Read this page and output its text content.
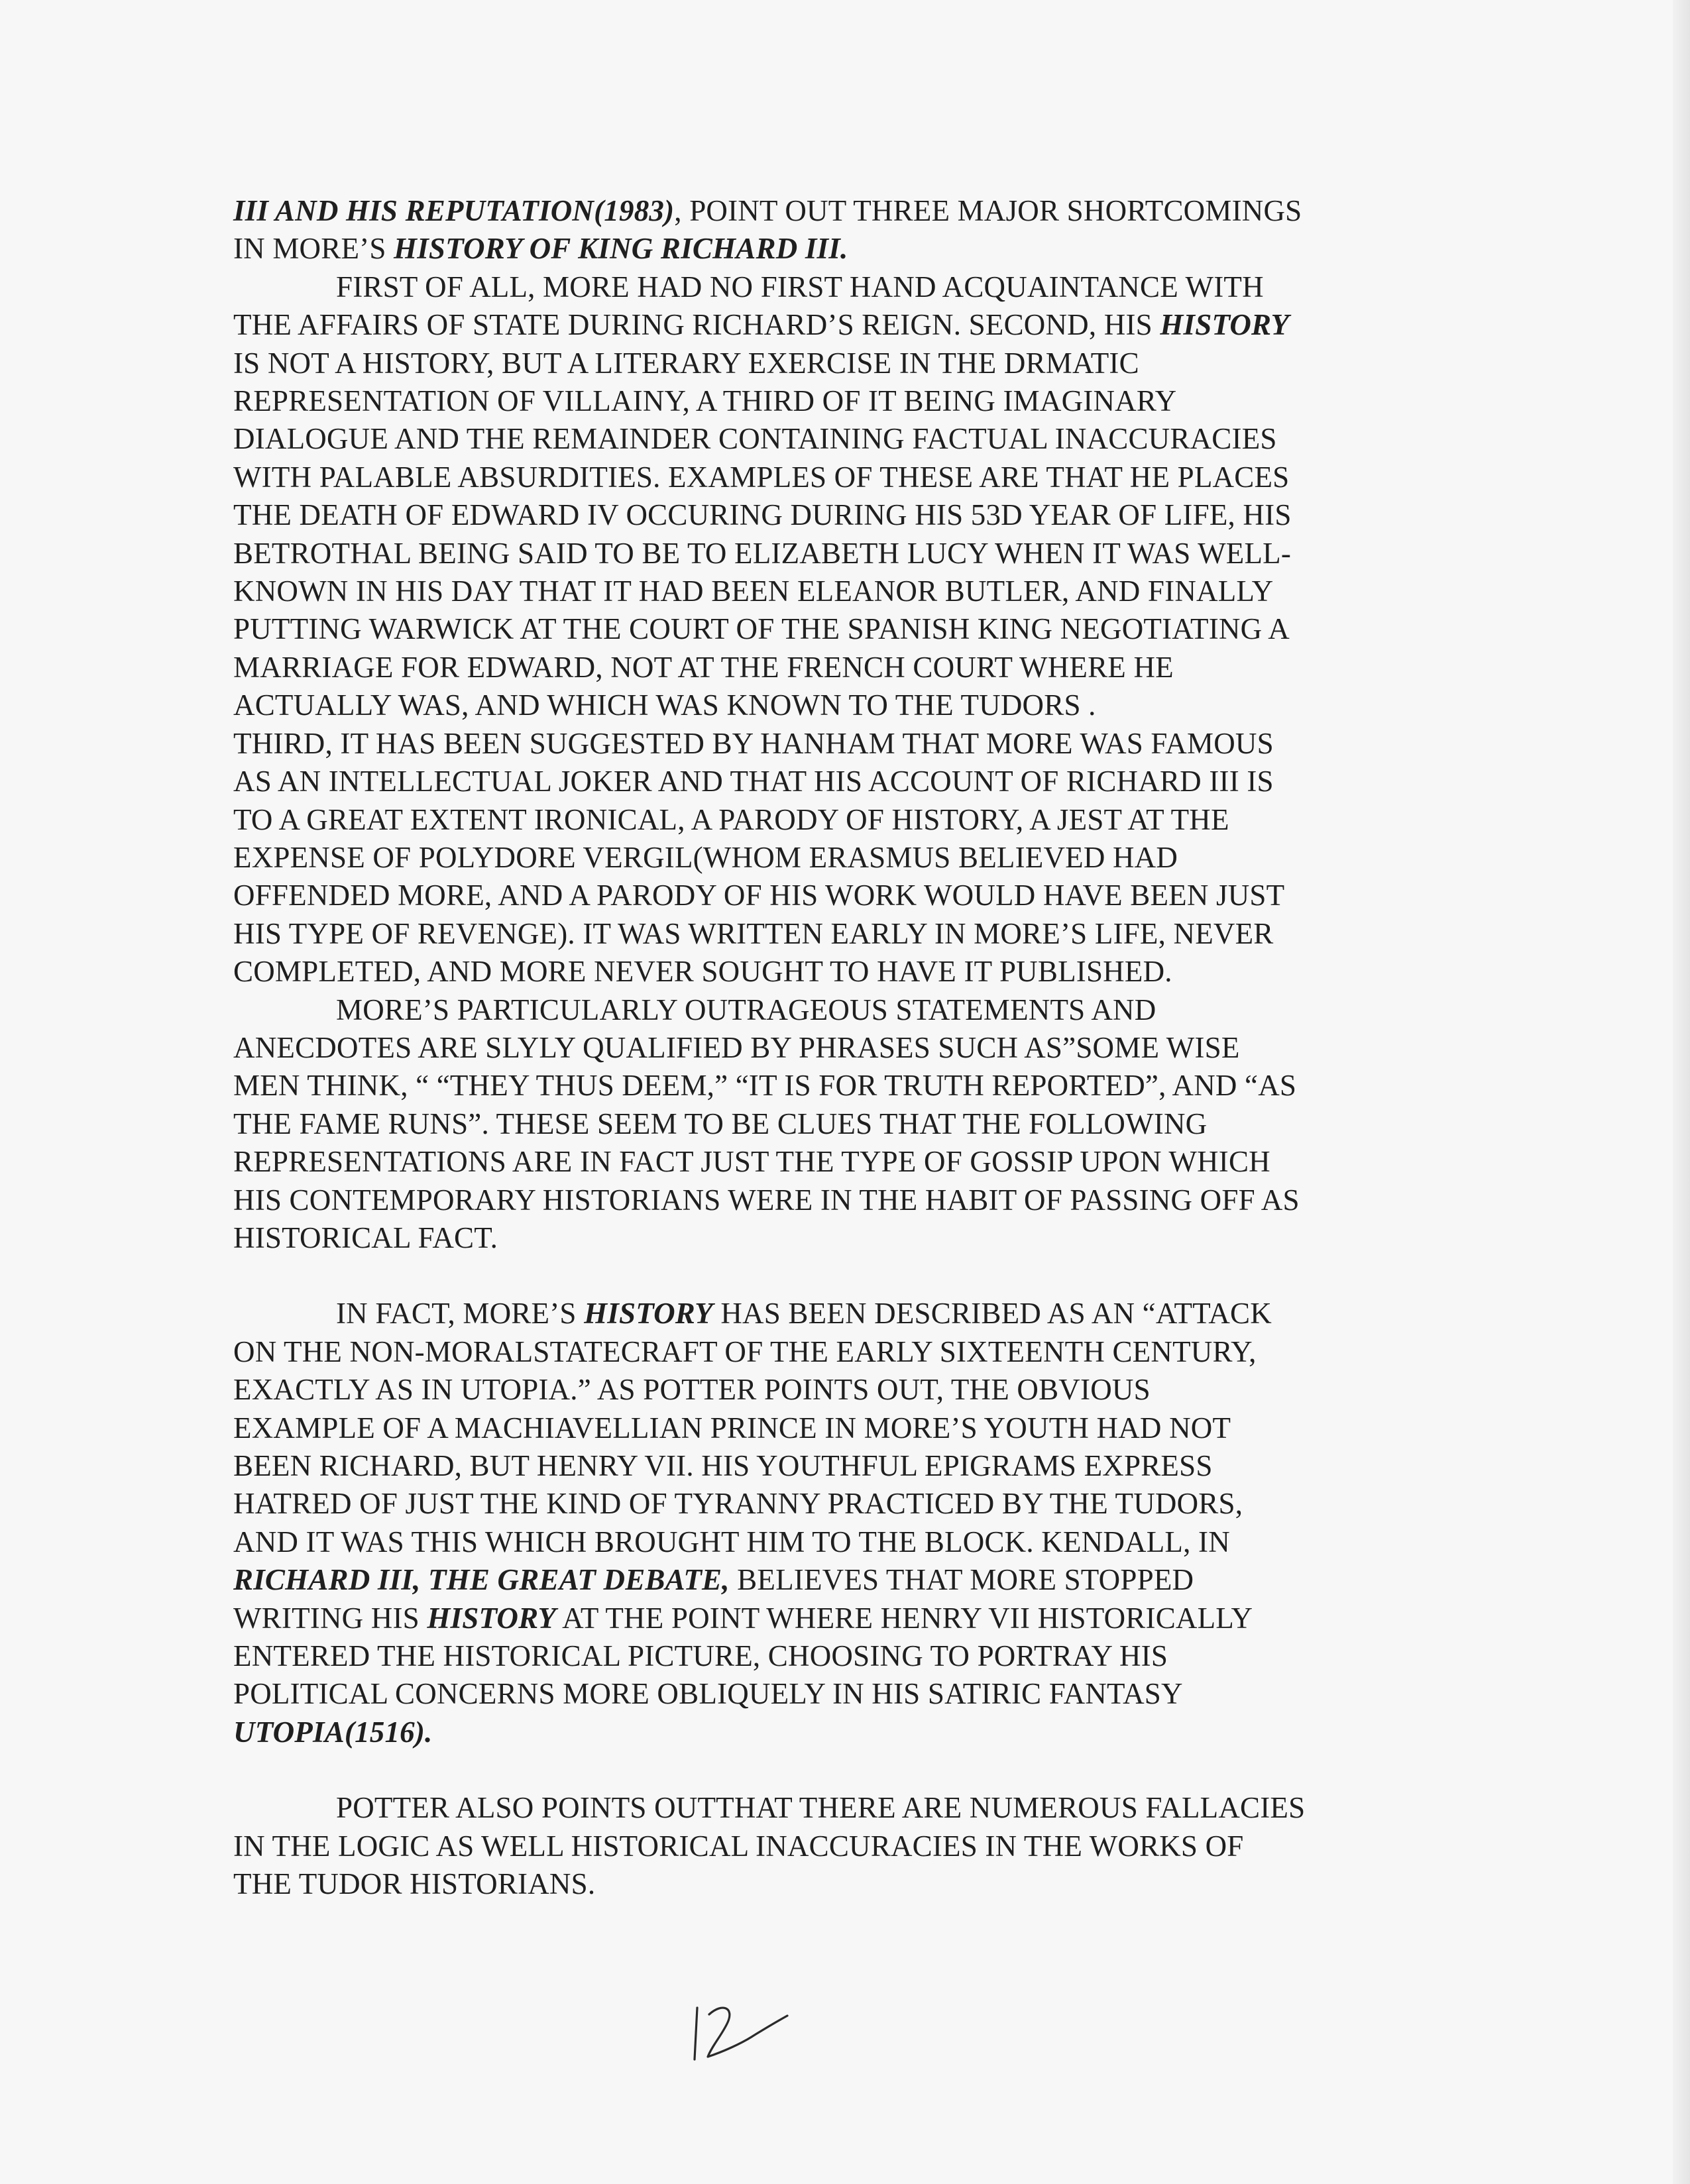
III AND HIS REPUTATION(1983), POINT OUT THREE MAJOR SHORTCOMINGS
IN MORE’S HISTORY OF KING RICHARD III.
FIRST OF ALL, MORE HAD NO FIRST HAND ACQUAINTANCE WITH
THE AFFAIRS OF STATE DURING RICHARD’S REIGN. SECOND, HIS HISTORY
IS NOT A HISTORY, BUT A LITERARY EXERCISE IN THE DRMATIC
REPRESENTATION OF VILLAINY, A THIRD OF IT BEING IMAGINARY
DIALOGUE AND THE REMAINDER CONTAINING FACTUAL INACCURACIES
WITH PALABLE ABSURDITIES. EXAMPLES OF THESE ARE THAT HE PLACES
THE DEATH OF EDWARD IV OCCURING DURING HIS 53D YEAR OF LIFE, HIS
BETROTHAL BEING SAID TO BE TO ELIZABETH LUCY WHEN IT WAS WELL-
KNOWN IN HIS DAY THAT IT HAD BEEN ELEANOR BUTLER, AND FINALLY
PUTTING WARWICK AT THE COURT OF THE SPANISH KING NEGOTIATING A
MARRIAGE FOR EDWARD, NOT AT THE FRENCH COURT WHERE HE
ACTUALLY WAS, AND WHICH WAS KNOWN TO THE TUDORS .
THIRD, IT HAS BEEN SUGGESTED BY HANHAM THAT MORE WAS FAMOUS
AS AN INTELLECTUAL JOKER AND THAT HIS ACCOUNT OF RICHARD III IS
TO A GREAT EXTENT IRONICAL, A PARODY OF HISTORY, A JEST AT THE
EXPENSE OF POLYDORE VERGIL(WHOM ERASMUS BELIEVED HAD
OFFENDED MORE, AND A PARODY OF HIS WORK WOULD HAVE BEEN JUST
HIS TYPE OF REVENGE). IT WAS WRITTEN EARLY IN MORE’S LIFE, NEVER
COMPLETED, AND MORE NEVER SOUGHT TO HAVE IT PUBLISHED.
MORE’S PARTICULARLY OUTRAGEOUS STATEMENTS AND
ANECDOTES ARE SLYLY QUALIFIED BY PHRASES SUCH AS”SOME WISE
MEN THINK, “ “THEY THUS DEEM,” “IT IS FOR TRUTH REPORTED”, AND “AS
THE FAME RUNS”. THESE SEEM TO BE CLUES THAT THE FOLLOWING
REPRESENTATIONS ARE IN FACT JUST THE TYPE OF GOSSIP UPON WHICH
HIS CONTEMPORARY HISTORIANS WERE IN THE HABIT OF PASSING OFF AS
HISTORICAL FACT.
IN FACT, MORE’S HISTORY HAS BEEN DESCRIBED AS AN “ATTACK
ON THE NON-MORALSTATECRAFT OF THE EARLY SIXTEENTH CENTURY,
EXACTLY AS IN UTOPIA.” AS POTTER POINTS OUT, THE OBVIOUS
EXAMPLE OF A MACHIAVELLIAN PRINCE IN MORE’S YOUTH HAD NOT
BEEN RICHARD, BUT HENRY VII. HIS YOUTHFUL EPIGRAMS EXPRESS
HATRED OF JUST THE KIND OF TYRANNY PRACTICED BY THE TUDORS,
AND IT WAS THIS WHICH BROUGHT HIM TO THE BLOCK. KENDALL, IN
RICHARD III, THE GREAT DEBATE, BELIEVES THAT MORE STOPPED
WRITING HIS HISTORY AT THE POINT WHERE HENRY VII HISTORICALLY
ENTERED THE HISTORICAL PICTURE, CHOOSING TO PORTRAY HIS
POLITICAL CONCERNS MORE OBLIQUELY IN HIS SATIRIC FANTASY
UTOPIA(1516).
POTTER ALSO POINTS OUTTHAT THERE ARE NUMEROUS FALLACIES
IN THE LOGIC AS WELL HISTORICAL INACCURACIES IN THE WORKS OF
THE TUDOR HISTORIANS.
